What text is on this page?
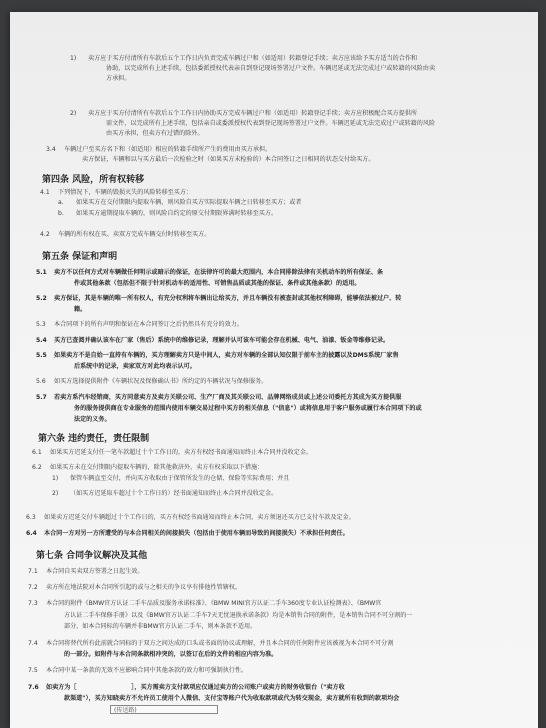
第四条 风险，所有权转移
第五条 保证和声明
第六条 违约责任，责任限制
第七条 合同争议解决及其他
1) 卖方应于买方付清所有车款后五个工作日内负责完成车辆过户和（如适用）转籍登记手续；卖方应该给予买方适当的合作和
协助，以完成所有上述手续，包括委派授权代表亲自到登记现场签署过户文件。车辆迟延或无法完成过户或转籍的风险由卖
方承担。
2) 卖方应于买方付清所有车款后五个工作日内协助买方完成车辆过户和（如适用）转籍登记手续；卖方应积极配合买方提供所
需文件，以完成所有上述手续，包括亲自或委派授权代表到登记现场签署过户文件。车辆迟延或无法完成过户或转籍的风险
由买方承担，但卖方有过错的除外。
3.4 车辆过户至买方名下和（如适用）相应的转籍手续所产生的费用由买方承担。
卖方保证，车辆和以与买方最后一次检验之时（如果买方未检验的）本合同签订之日相同的状态交付给买方。
4.1 下列情况下，车辆的毁损灭失的风险转移至买方：
a. 如果买方在交付期限内提取车辆，则风险自买方实际提取车辆之日转移至买方；或者
b. 如果买方逾期提取车辆的，则风险自约定的原交付期限界满时转移至买方。
4.2 车辆的所有权在买、卖双方完成车辆交付时转移至买方。
5.1 卖方不以任何方式对车辆做任何明示或暗示的保证，在法律许可的最大范围内，本合同排除法律有关机动车的所有保证、条
件或其他条款（包括但不限于针对机动车的适用性、可销售品质或其他的保证、条件或其他条款）的适用。
5.2 卖方保证，其是车辆的唯一所有权人，有充分权利将车辆出让给买方，并且车辆没有被查封或其他权利障碍，能够依法被过户、转
籍。
5.3 本合同项下的所有声明和保证在本合同签订之后仍然具有充分的效力。
5.4 买方已查阅并确认该车在厂家（售后）系统中的维修记录，理解并认可该车可能会存在机械、电气、油漆、钣金等维修记录。
5.5 如果卖方不是自始一直持有车辆的，买方理解卖方只是中间人，卖方对车辆的全部认知仅限于前车主的披露以及DMS系统厂家售
后系统中的记录，卖家双方对此均表示认可。
5.6 如买方选择提供附件《车辆状况及保修确认书》所约定的车辆状况与保修服务。
5.7 若卖方系汽车经销商，买方同意卖方及卖方关联公司、生产厂商及其关联公司、品牌网络成员或上述公司委托方其成为买方提供服
务的服务提供商在专业服务的范围内使用车辆交易过程中买方的相关信息（"信息"）或将信息用于客户服务或履行本合同项下的或
法定的义务。
6.1 如果买方迟延支付任一笔车款超过十个工作日的，卖方有权经书面通知而终止本合同并没收定金。
6.2 如果买方未在交付期限内提取车辆的，除其他救济外，卖方有权采取以下措施：
1) 保管车辆直至交付，并向买方收取由于保管所发生的仓储、保险等实际费用；并且
2) （如买方迟延取车超过十个工作日的）经书面通知而终止本合同并没收定金。
6.3 如果卖方迟延交付车辆超过十个工作日的，买方有权经书面通知而终止本合同，卖方须退还买方已支付车款及定金。
6.4 本合同一方对另一方所遭受的与本合同相关的间接损失（包括由于使用车辆而导致的间接损失）不承担任何责任。
7.1 本合同自买卖双方签署之日起生效。
7.2 卖方所在地法院对本合同所引起的或与之相关的争议享有排他性管辖权。
7.3 本合同的附件《BMW官方认证二手车品质及服务承诺标准》、《BMW MINI官方认证二手车360度专业认证检测表》、《BMW官
方认证二手车保修手册》以及《BMW官方认证二手车7天无忧退换承诺条款》均是本销售合同的附件，是本销售合同不可分割的一
部分，如本合同标的车辆并非BMW官方认证二手车，则本条款不适用。
7.4 本合同将替代所有此前就合同标的于双方之间达成的口头或书面的协议或理解，并且本合同的任何附件应该被视为本合同不可分割
的一部分。如附件与本合同条款相冲突的，以签订在后的文件的相应内容为准。
7.5 本合同中某一条款的无效不应影响合同中其他条款的效力和可强制执行性。
7.6 如卖方为［　　　　　　　　　］，买方需卖方支付款项应仅通过卖方的公司账户或卖方的财务收银台（"卖方收
款渠道"），买方知晓卖方不允许员工使用个人微信、支付宝等账户代为收取款项或代为转交现金，卖方就所有收到的款项均会
(传送路)
